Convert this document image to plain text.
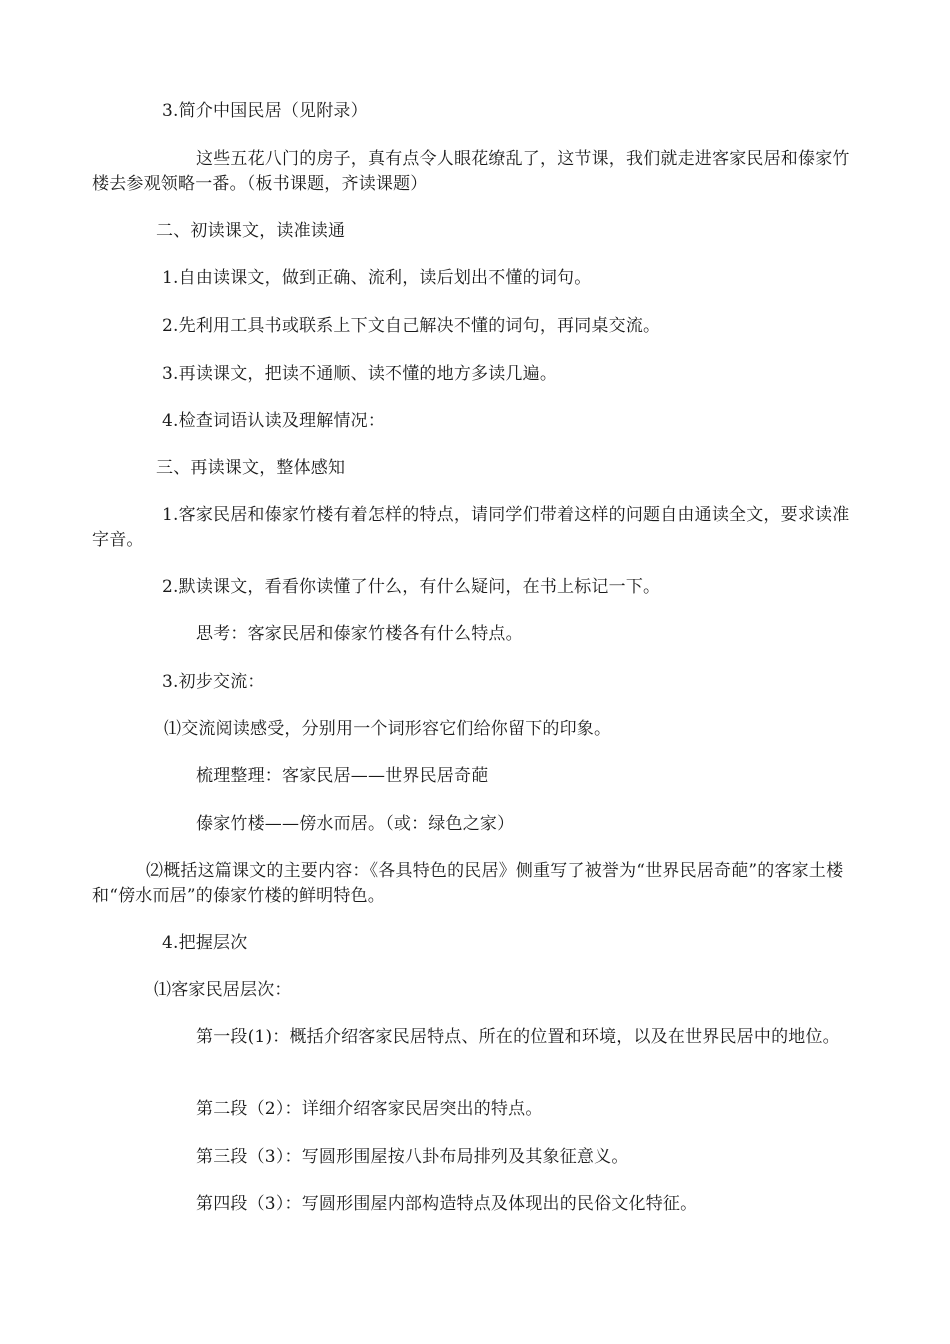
3.简介中国民居（见附录）
这些五花八门的房子，真有点令人眼花缭乱了，这节课，我们就走进客家民居和傣家竹楼去参观领略一番。（板书课题，齐读课题）
二、初读课文，读准读通
1.自由读课文，做到正确、流利，读后划出不懂的词句。
2.先利用工具书或联系上下文自己解决不懂的词句，再同桌交流。
3.再读课文，把读不通顺、读不懂的地方多读几遍。
4.检查词语认读及理解情况：
三、再读课文，整体感知
1.客家民居和傣家竹楼有着怎样的特点，请同学们带着这样的问题自由通读全文，要求读准字音。
2.默读课文，看看你读懂了什么，有什么疑问，在书上标记一下。
思考：客家民居和傣家竹楼各有什么特点。
3.初步交流：
⑴交流阅读感受，分别用一个词形容它们给你留下的印象。
梳理整理：客家民居——世界民居奇葩
傣家竹楼——傍水而居。（或：绿色之家）
⑵概括这篇课文的主要内容：《各具特色的民居》侧重写了被誉为“世界民居奇葩”的客家土楼和“傍水而居”的傣家竹楼的鲜明特色。
4.把握层次
⑴客家民居层次：
第一段(1)：概括介绍客家民居特点、所在的位置和环境，以及在世界民居中的地位。
第二段（2）：详细介绍客家民居突出的特点。
第三段（3）：写圆形围屋按八卦布局排列及其象征意义。
第四段（3）：写圆形围屋内部构造特点及体现出的民俗文化特征。
